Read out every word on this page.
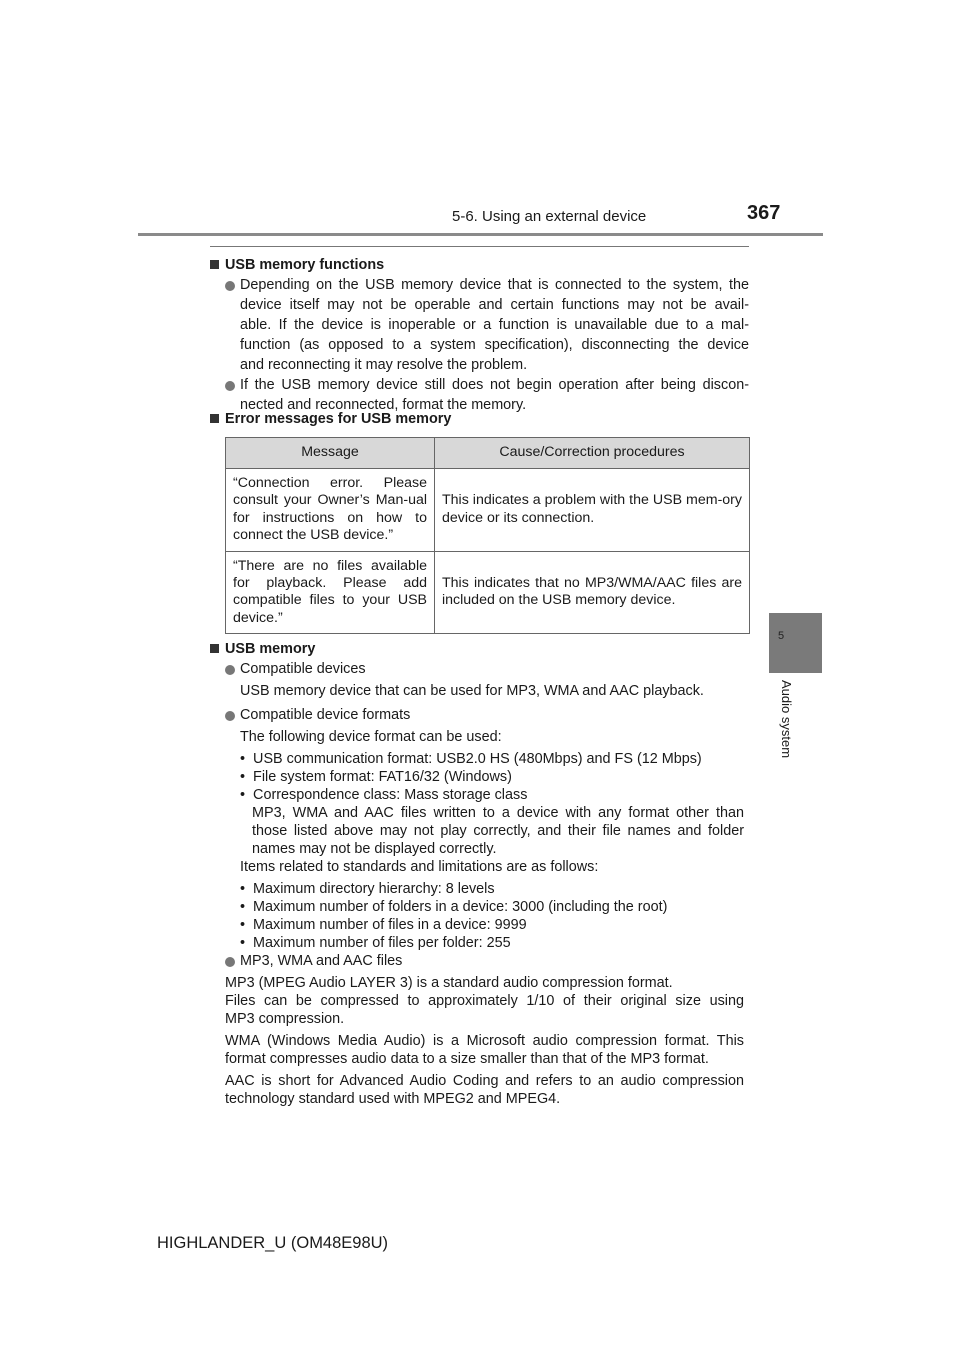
5-6. Using an external device	367
5
Audio system
USB memory functions
Depending on the USB memory device that is connected to the system, the
device itself may not be operable and certain functions may not be avail-
able. If the device is inoperable or a function is unavailable due to a mal-
function (as opposed to a system specification), disconnecting the device
and reconnecting it may resolve the problem.
If the USB memory device still does not begin operation after being discon-
nected and reconnected, format the memory.
Error messages for USB memory
Message	Cause/Correction procedures
“Connection error. Please consult your Owner’s Man-ual for instructions on how to connect the USB device.”	This indicates a problem with the USB mem-ory device or its connection.
“There are no files available for playback. Please add compatible files to your USB device.”	This indicates that no MP3/WMA/AAC files are included on the USB memory device.
USB memory
Compatible devices
USB memory device that can be used for MP3, WMA and AAC playback.
Compatible device formats
The following device format can be used:
•  USB communication format: USB2.0 HS (480Mbps) and FS (12 Mbps)
•  File system format: FAT16/32 (Windows)
•  Correspondence class: Mass storage class
MP3, WMA and AAC files written to a device with any format other than
those listed above may not play correctly, and their file names and folder
names may not be displayed correctly.
Items related to standards and limitations are as follows:
•  Maximum directory hierarchy: 8 levels
•  Maximum number of folders in a device: 3000 (including the root)
•  Maximum number of files in a device: 9999
•  Maximum number of files per folder: 255
MP3, WMA and AAC files
MP3 (MPEG Audio LAYER 3) is a standard audio compression format.
Files can be compressed to approximately 1/10 of their original size using
MP3 compression.
WMA (Windows Media Audio) is a Microsoft audio compression format. This
format compresses audio data to a size smaller than that of the MP3 format.
AAC is short for Advanced Audio Coding and refers to an audio compression
technology standard used with MPEG2 and MPEG4.
HIGHLANDER_U (OM48E98U)
